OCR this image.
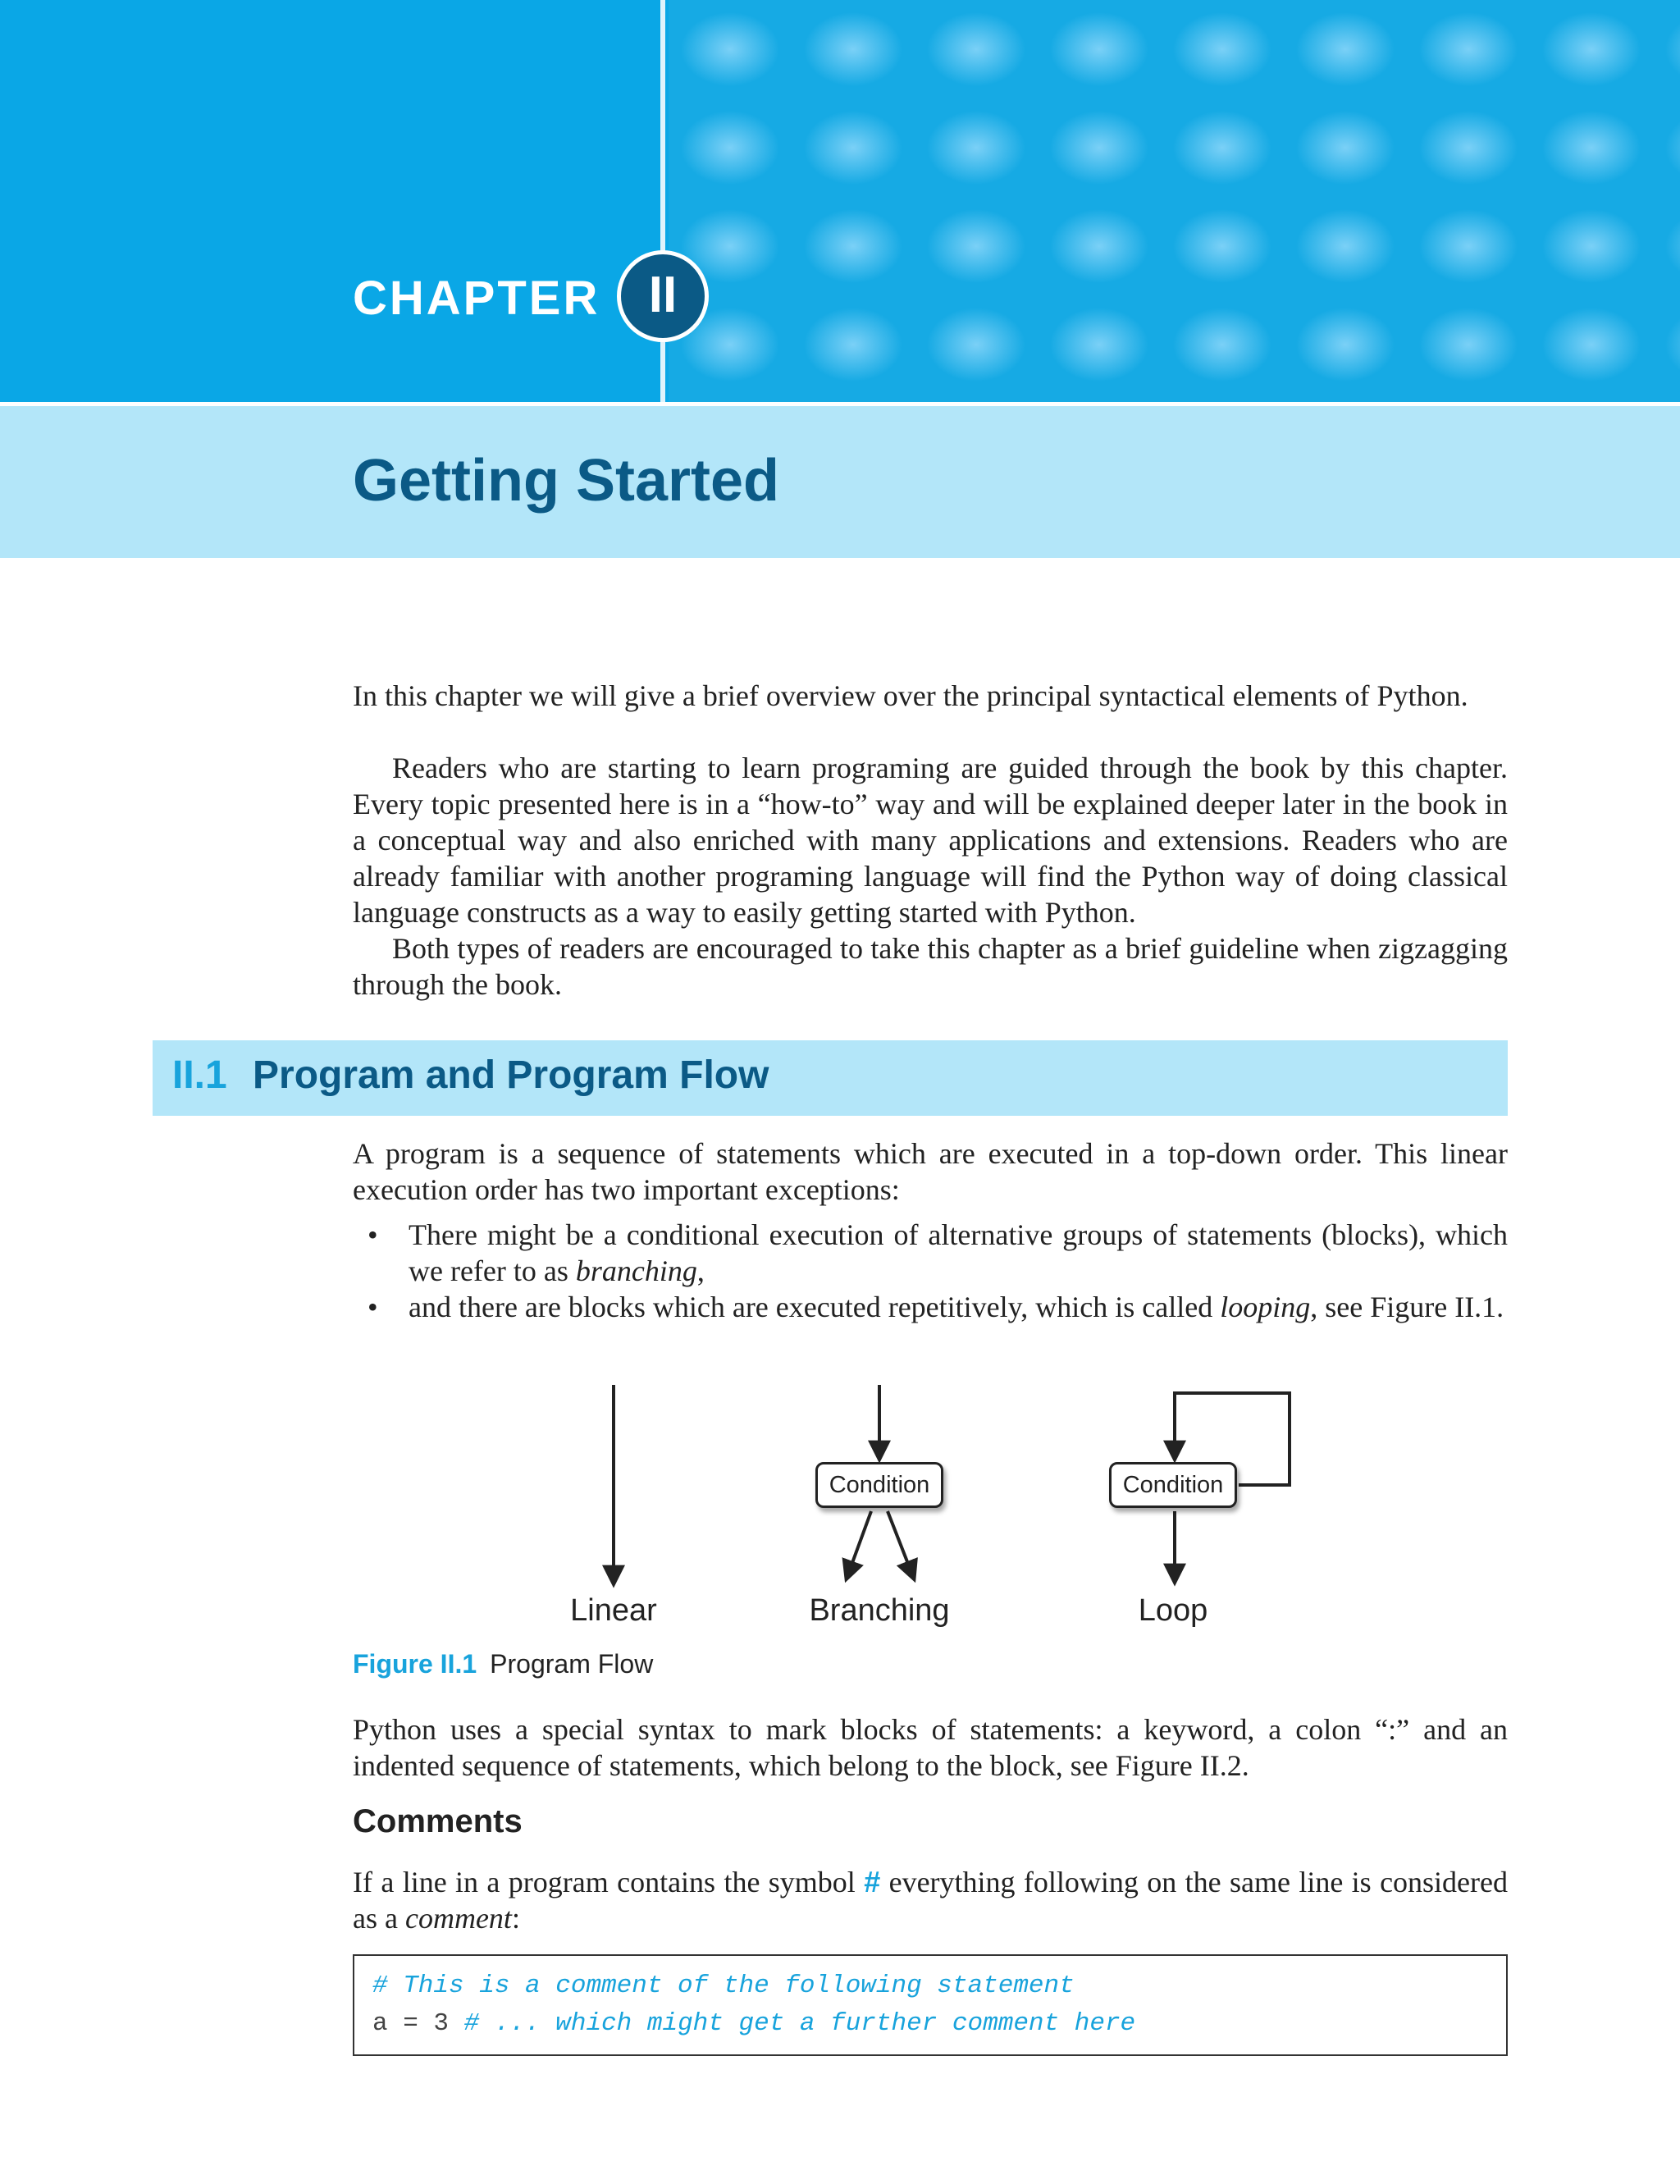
CHAPTER II
Getting Started

In this chapter we will give a brief overview over the principal syntactical elements of Python.

Readers who are starting to learn programing are guided through the book by this chapter. Every topic presented here is in a “how-to” way and will be explained deeper later in the book in a conceptual way and also enriched with many applications and extensions. Readers who are already familiar with another programing language will find the Python way of doing classical language constructs as a way to easily getting started with Python.

Both types of readers are encouraged to take this chapter as a brief guideline when zigzagging through the book.

II.1 Program and Program Flow

A program is a sequence of statements which are executed in a top-down order. This linear execution order has two important exceptions:

• There might be a conditional execution of alternative groups of statements (blocks), which we refer to as branching,
• and there are blocks which are executed repetitively, which is called looping, see Figure II.1.
Condition	Condition
Linear	Branching	Loop
Figure II.1 Program Flow

Python uses a special syntax to mark blocks of statements: a keyword, a colon “:” and an indented sequence of statements, which belong to the block, see Figure II.2.

Comments

If a line in a program contains the symbol # everything following on the same line is considered as a comment:

# This is a comment of the following statement
a = 3 # ... which might get a further comment here
